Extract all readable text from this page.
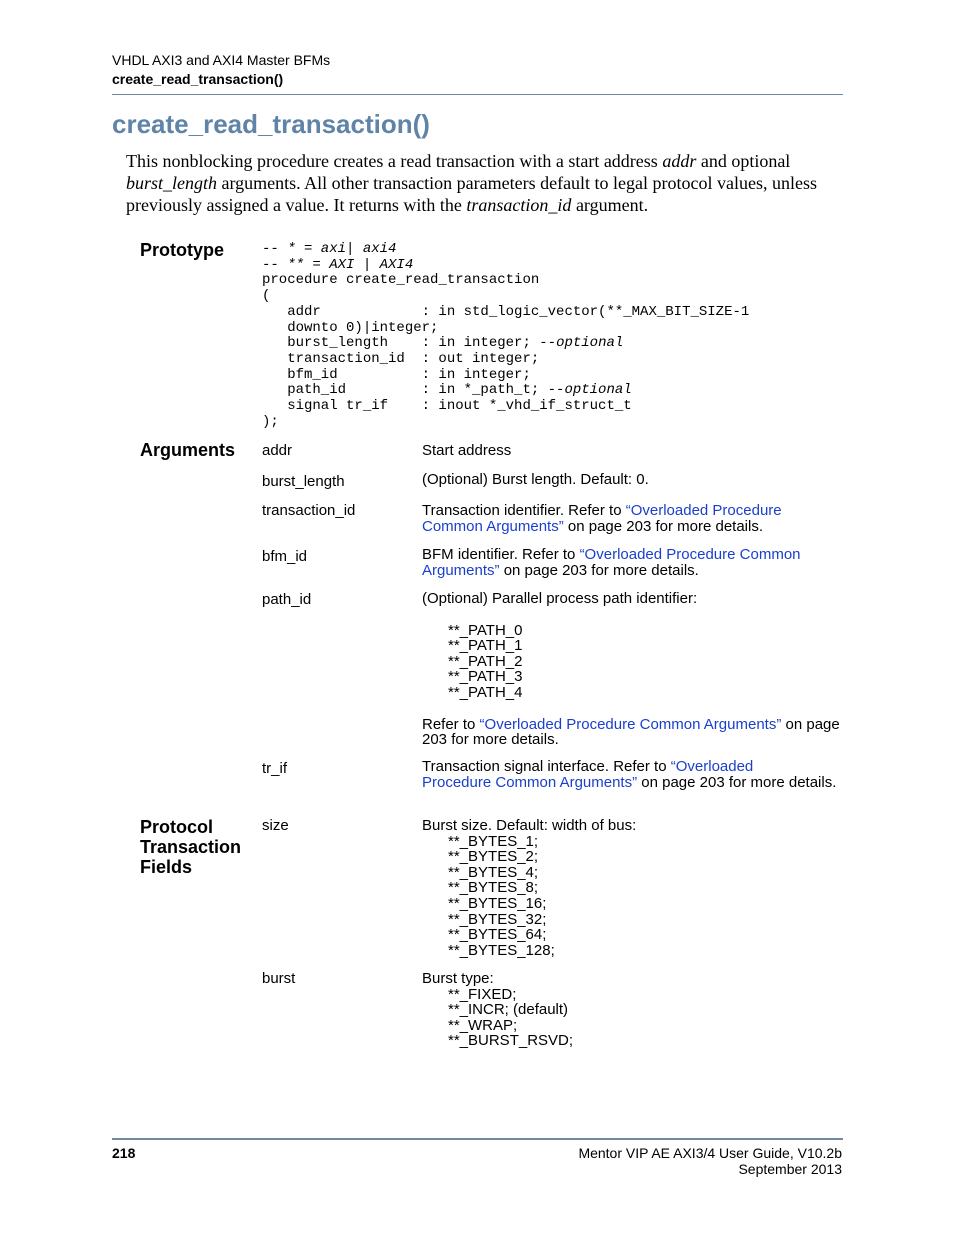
VHDL AXI3 and AXI4 Master BFMs
create_read_transaction()
create_read_transaction()
This nonblocking procedure creates a read transaction with a start address addr and optional burst_length arguments. All other transaction parameters default to legal protocol values, unless previously assigned a value. It returns with the transaction_id argument.
Prototype	-- * = axi| axi4
-- ** = AXI | AXI4
procedure create_read_transaction
(
addr            : in std_logic_vector(**_MAX_BIT_SIZE-1
downto 0)|integer;
burst_length    : in integer; --optional
transaction_id  : out integer;
bfm_id          : in integer;
path_id         : in *_path_t; --optional
signal tr_if    : inout *_vhd_if_struct_t
);
Arguments addr	Start address
burst_length	(Optional) Burst length. Default: 0.
transaction_id	Transaction identifier. Refer to “Overloaded Procedure
Common Arguments” on page 203 for more details.
bfm_id	BFM identifier. Refer to “Overloaded Procedure Common
Arguments” on page 203 for more details.
path_id	(Optional) Parallel process path identifier:
**_PATH_0
**_PATH_1
**_PATH_2
**_PATH_3
**_PATH_4
Refer to “Overloaded Procedure Common Arguments” on page 203 for more details.
tr_if	Transaction signal interface. Refer to “Overloaded
Procedure Common Arguments” on page 203 for more details.
Protocol
Transaction
Fields
size	Burst size. Default: width of bus:
**_BYTES_1;
**_BYTES_2;
**_BYTES_4;
**_BYTES_8;
**_BYTES_16;
**_BYTES_32;
**_BYTES_64;
**_BYTES_128;
burst	Burst type:
**_FIXED;
**_INCR; (default)
**_WRAP;
**_BURST_RSVD;
218	Mentor VIP AE AXI3/4 User Guide, V10.2b
September 2013
